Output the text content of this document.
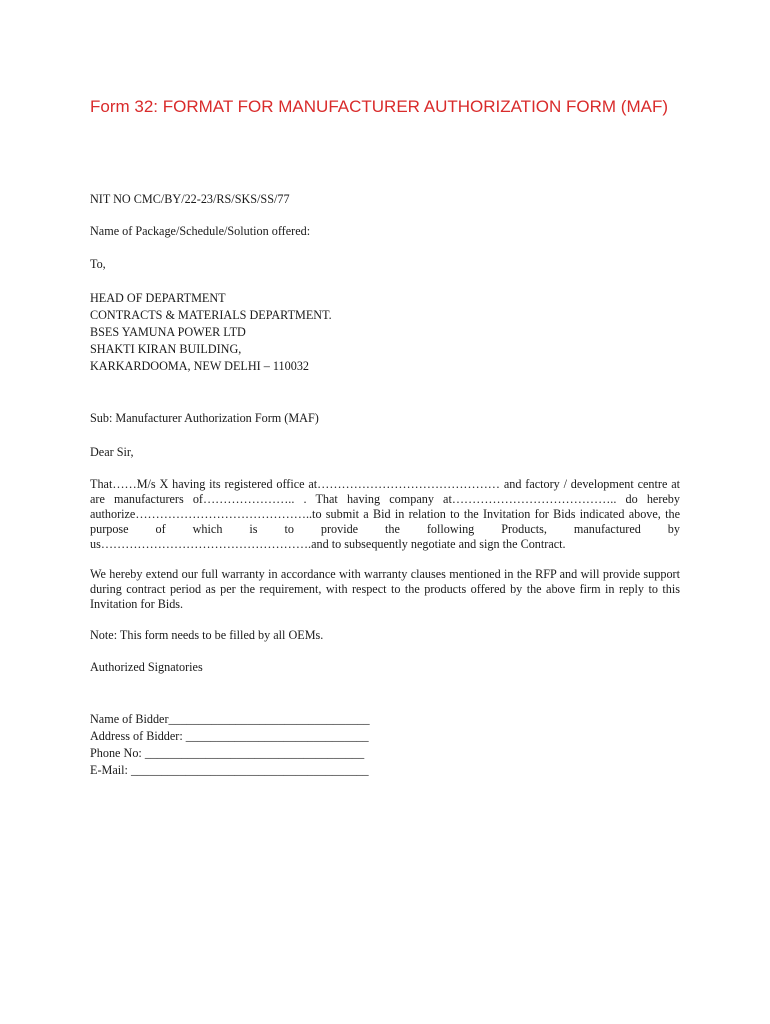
Form 32: FORMAT FOR MANUFACTURER AUTHORIZATION FORM (MAF)
NIT NO CMC/BY/22-23/RS/SKS/SS/77
Name of Package/Schedule/Solution offered:
To,
HEAD OF DEPARTMENT
CONTRACTS & MATERIALS DEPARTMENT.
BSES YAMUNA POWER LTD
SHAKTI KIRAN BUILDING,
KARKARDOOMA, NEW DELHI – 110032
Sub: Manufacturer Authorization Form (MAF)
Dear Sir,
That……M/s X having its registered office at……………………………………… and factory / development centre at are manufacturers of………………….. . That having company at………………………………….. do hereby authorize……………………………………..to submit a Bid in relation to the Invitation for Bids indicated above, the purpose of which is to provide the following Products, manufactured by
us…………………………………………….and to subsequently negotiate and sign the Contract.
We hereby extend our full warranty in accordance with warranty clauses mentioned in the RFP and will provide support during contract period as per the requirement, with respect to the products offered by the above firm in reply to this Invitation for Bids.
Note: This form needs to be filled by all OEMs.
Authorized Signatories
Name of Bidder_________________________________
Address of Bidder: ______________________________
Phone No: ____________________________________
E-Mail: _______________________________________
